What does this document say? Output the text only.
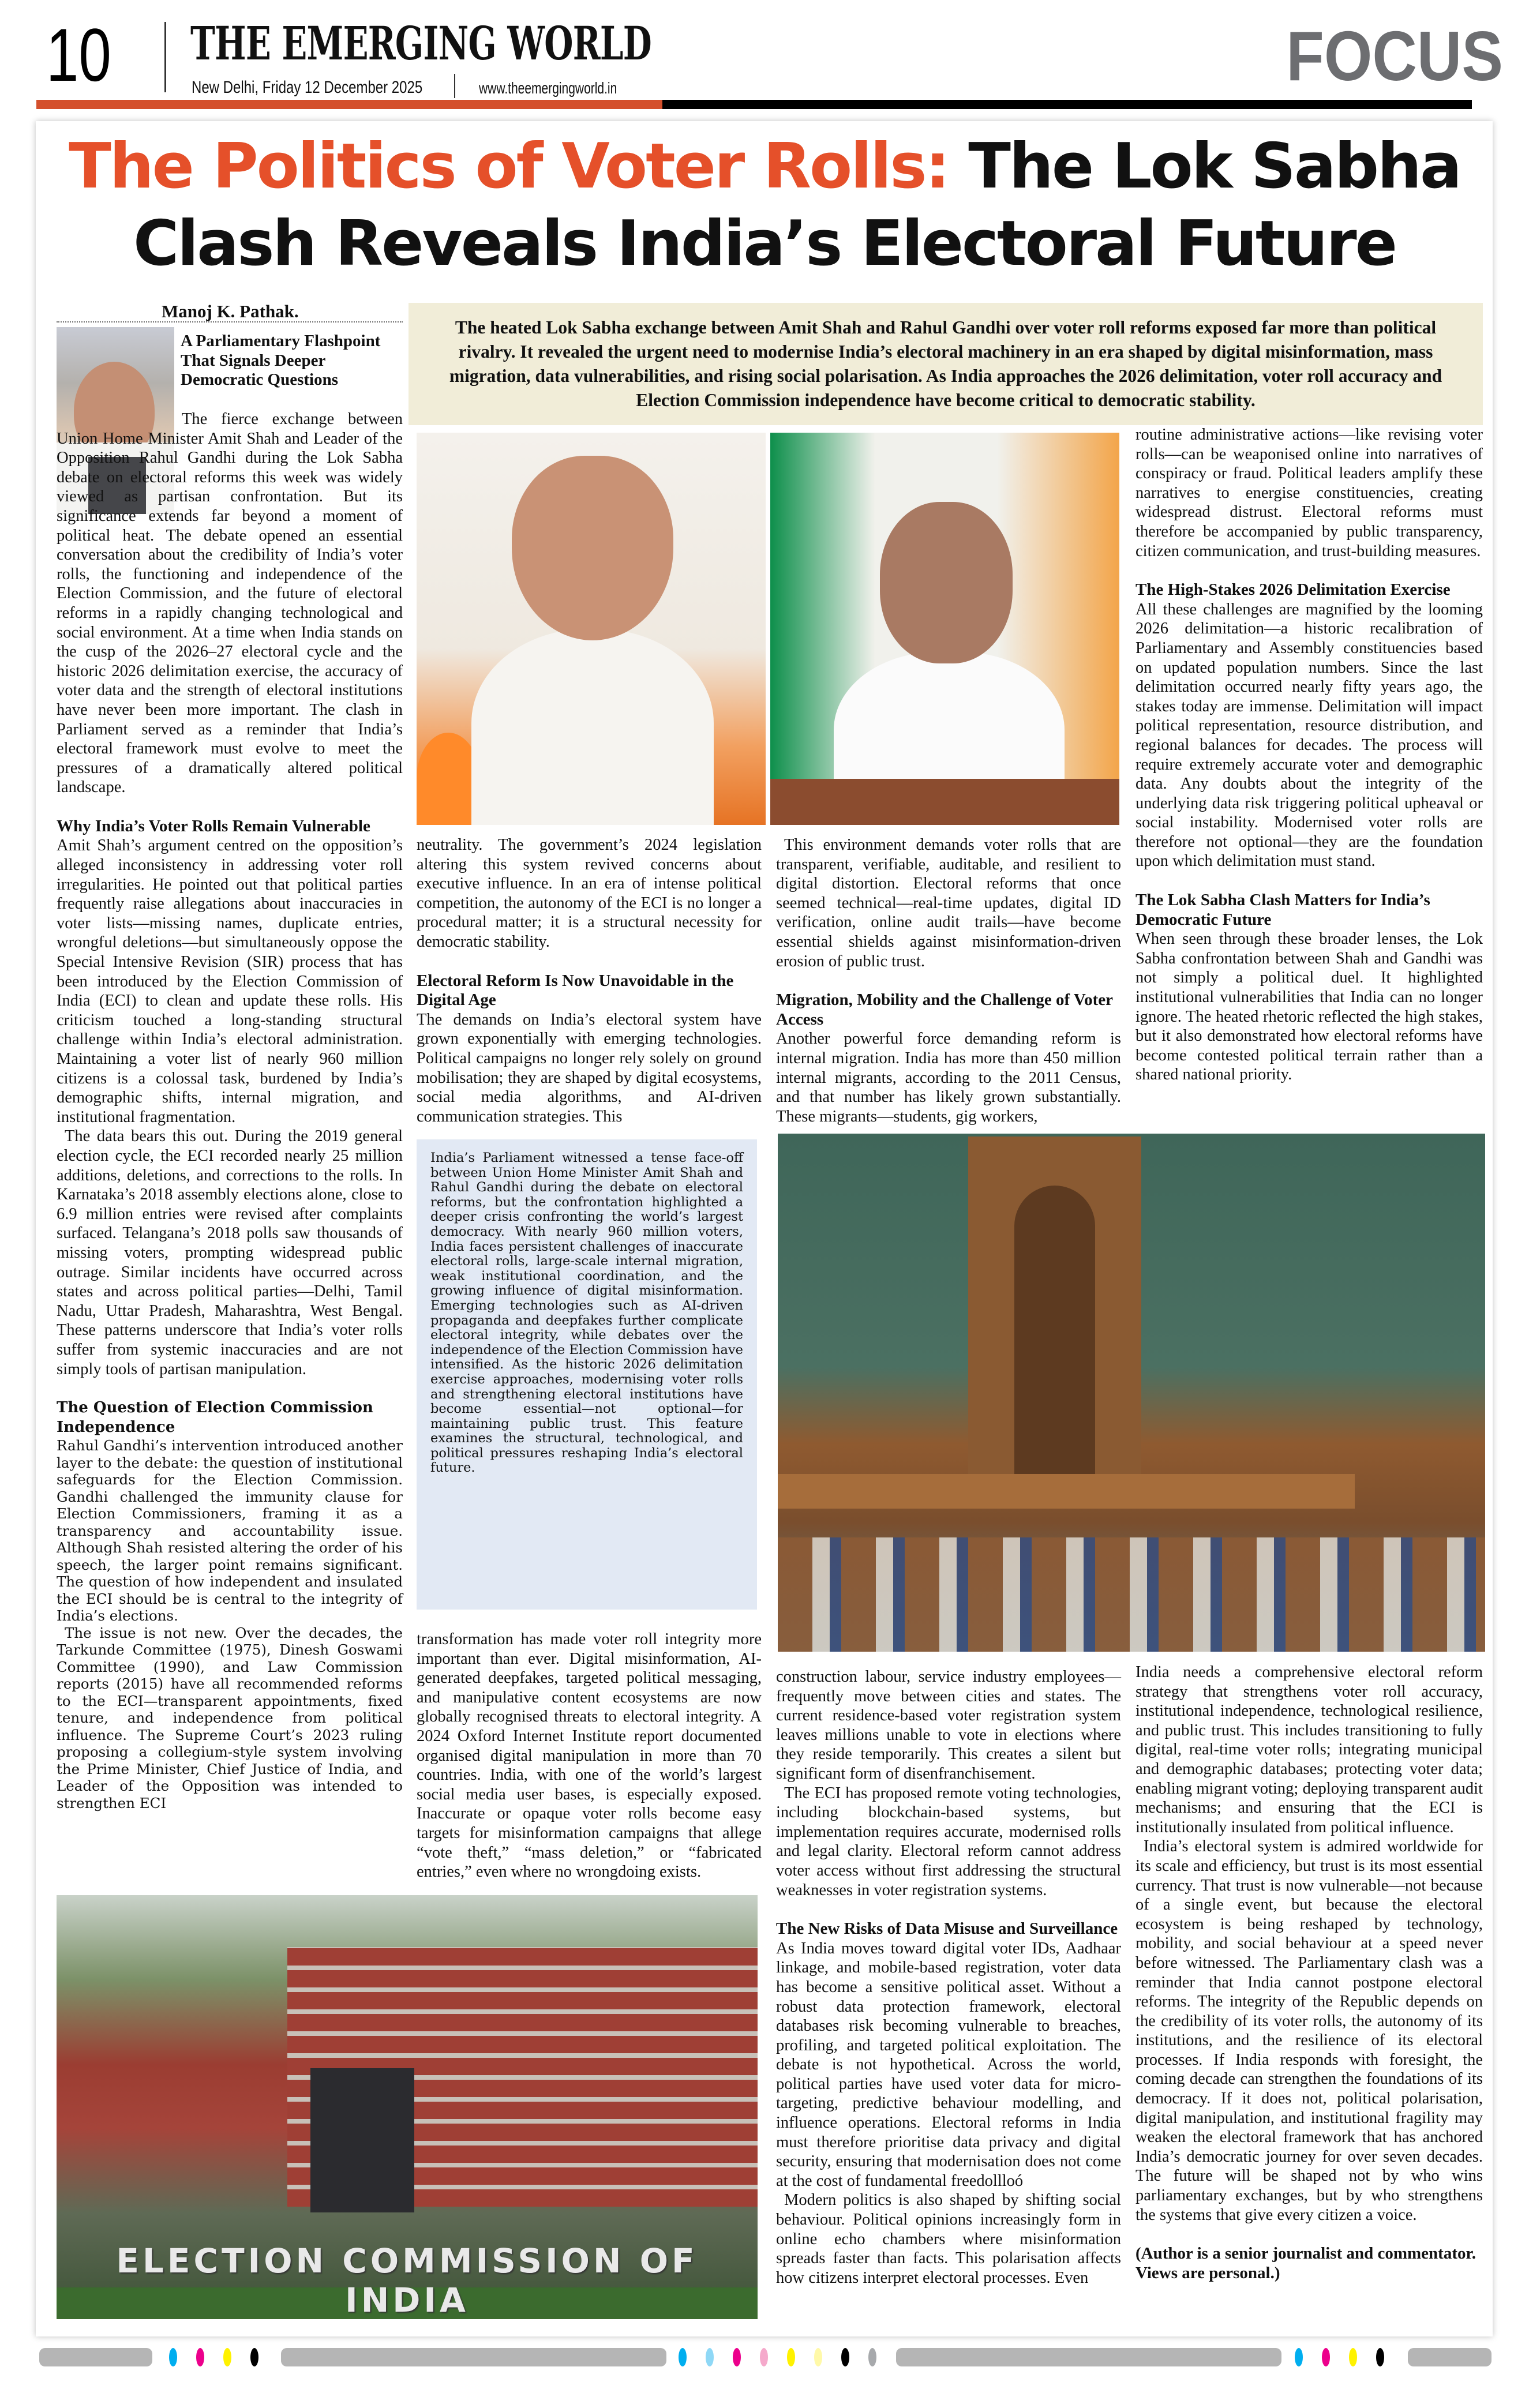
10 THE EMERGING WORLD
New Delhi, Friday 12 December 2025	www.theemergingworld.in	FOCUS
The Politics of Voter Rolls: The Lok Sabha Clash Reveals India’s Electoral Future
Manoj K. Pathak.
A Parliamentary Flashpoint That Signals Deeper Democratic Questions

The fierce exchange between Union Home Minister Amit Shah and Leader of the Opposition Rahul Gandhi during the Lok Sabha debate on electoral reforms this week was widely viewed as partisan confrontation. But its significance extends far beyond a moment of political heat. The debate opened an essential conversation about the credibility of India’s voter rolls, the functioning and independence of the Election Commission, and the future of electoral reforms in a rapidly changing technological and social environment. At a time when India stands on the cusp of the 2026–27 electoral cycle and the historic 2026 delimitation exercise, the accuracy of voter data and the strength of electoral institutions have never been more important. The clash in Parliament served as a reminder that India’s electoral framework must evolve to meet the pressures of a dramatically altered political landscape.

Why India’s Voter Rolls Remain Vulnerable

Amit Shah’s argument centred on the opposition’s alleged inconsistency in addressing voter roll irregularities. He pointed out that political parties frequently raise allegations about inaccuracies in voter lists—missing names, duplicate entries, wrongful deletions—but simultaneously oppose the Special Intensive Revision (SIR) process that has been introduced by the Election Commission of India (ECI) to clean and update these rolls. His criticism touched a long-standing structural challenge within India’s electoral administration. Maintaining a voter list of nearly 960 million citizens is a colossal task, burdened by India’s demographic shifts, internal migration, and institutional fragmentation.

The data bears this out. During the 2019 general election cycle, the ECI recorded nearly 25 million additions, deletions, and corrections to the rolls. In Karnataka’s 2018 assembly elections alone, close to 6.9 million entries were revised after complaints surfaced. Telangana’s 2018 polls saw thousands of missing voters, prompting widespread public outrage. Similar incidents have occurred across states and across political parties—Delhi, Tamil Nadu, Uttar Pradesh, Maharashtra, West Bengal. These patterns underscore that India’s voter rolls suffer from systemic inaccuracies and are not simply tools of partisan manipulation.

The Question of Election Commission Independence

Rahul Gandhi’s intervention introduced another layer to the debate: the question of institutional safeguards for the Election Commission. Gandhi challenged the immunity clause for Election Commissioners, framing it as a transparency and accountability issue. Although Shah resisted altering the order of his speech, the larger point remains significant. The question of how independent and insulated the ECI should be is central to the integrity of India’s elections.

The issue is not new. Over the decades, the Tarkunde Committee (1975), Dinesh Goswami Committee (1990), and Law Commission reports (2015) have all recommended reforms to the ECI—transparent appointments, fixed tenure, and independence from political influence. The Supreme Court’s 2023 ruling proposing a collegium-style system involving the Prime Minister, Chief Justice of India, and Leader of the Opposition was intended to strengthen ECI

The heated Lok Sabha exchange between Amit Shah and Rahul Gandhi over voter roll reforms exposed far more than political rivalry. It revealed the urgent need to modernise India’s electoral machinery in an era shaped by digital misinformation, mass migration, data vulnerabilities, and rising social polarisation. As India approaches the 2026 delimitation, voter roll accuracy and Election Commission independence have become critical to democratic stability.

neutrality. The government’s 2024 legislation altering this system revived concerns about executive influence. In an era of intense political competition, the autonomy of the ECI is no longer a procedural matter; it is a structural necessity for democratic stability.

Electoral Reform Is Now Unavoidable in the Digital Age

The demands on India’s electoral system have grown exponentially with emerging technologies. Political campaigns no longer rely solely on ground mobilisation; they are shaped by digital ecosystems, social media algorithms, and AI-driven communication strategies. This

India’s Parliament witnessed a tense face-off between Union Home Minister Amit Shah and Rahul Gandhi during the debate on electoral reforms, but the confrontation highlighted a deeper crisis confronting the world’s largest democracy. With nearly 960 million voters, India faces persistent challenges of inaccurate electoral rolls, large-scale internal migration, weak institutional coordination, and the growing influence of digital misinformation. Emerging technologies such as AI-driven propaganda and deepfakes further complicate electoral integrity, while debates over the independence of the Election Commission have intensified. As the historic 2026 delimitation exercise approaches, modernising voter rolls and strengthening electoral institutions have become essential—not optional—for maintaining public trust. This feature examines the structural, technological, and political pressures reshaping India’s electoral future.

transformation has made voter roll integrity more important than ever. Digital misinformation, AI-generated deepfakes, targeted political messaging, and manipulative content ecosystems are now globally recognised threats to electoral integrity. A 2024 Oxford Internet Institute report documented organised digital manipulation in more than 70 countries. India, with one of the world’s largest social media user bases, is especially exposed. Inaccurate or opaque voter rolls become easy targets for misinformation campaigns that allege “vote theft,” “mass deletion,” or “fabricated entries,” even where no wrongdoing exists.

This environment demands voter rolls that are transparent, verifiable, auditable, and resilient to digital distortion. Electoral reforms that once seemed technical—real-time updates, digital ID verification, online audit trails—have become essential shields against misinformation-driven erosion of public trust.

Migration, Mobility and the Challenge of Voter Access

Another powerful force demanding reform is internal migration. India has more than 450 million internal migrants, according to the 2011 Census, and that number has likely grown substantially. These migrants—students, gig workers,

routine administrative actions—like revising voter rolls—can be weaponised online into narratives of conspiracy or fraud. Political leaders amplify these narratives to energise constituencies, creating widespread distrust. Electoral reforms must therefore be accompanied by public transparency, citizen communication, and trust-building measures.

The High-Stakes 2026 Delimitation Exercise

All these challenges are magnified by the looming 2026 delimitation—a historic recalibration of Parliamentary and Assembly constituencies based on updated population numbers. Since the last delimitation occurred nearly fifty years ago, the stakes today are immense. Delimitation will impact political representation, resource distribution, and regional balances for decades. The process will require extremely accurate voter and demographic data. Any doubts about the integrity of the underlying data risk triggering political upheaval or social instability. Modernised voter rolls are therefore not optional—they are the foundation upon which delimitation must stand.

The Lok Sabha Clash Matters for India’s Democratic Future

When seen through these broader lenses, the Lok Sabha confrontation between Shah and Gandhi was not simply a political duel. It highlighted institutional vulnerabilities that India can no longer ignore. The heated rhetoric reflected the high stakes, but it also demonstrated how electoral reforms have become contested political terrain rather than a shared national priority.

construction labour, service industry employees—frequently move between cities and states. The current residence-based voter registration system leaves millions unable to vote in elections where they reside temporarily. This creates a silent but significant form of disenfranchisement.

The ECI has proposed remote voting technologies, including blockchain-based systems, but implementation requires accurate, modernised rolls and legal clarity. Electoral reform cannot address voter access without first addressing the structural weaknesses in voter registration systems.

The New Risks of Data Misuse and Surveillance

As India moves toward digital voter IDs, Aadhaar linkage, and mobile-based registration, voter data has become a sensitive political asset. Without a robust data protection framework, electoral databases risk becoming vulnerable to breaches, profiling, and targeted political exploitation. The debate is not hypothetical. Across the world, political parties have used voter data for micro-targeting, predictive behaviour modelling, and influence operations. Electoral reforms in India must therefore prioritise data privacy and digital security, ensuring that modernisation does not come at the cost of fundamental freedollloó

Modern politics is also shaped by shifting social behaviour. Political opinions increasingly form in online echo chambers where misinformation spreads faster than facts. This polarisation affects how citizens interpret electoral processes. Even

India needs a comprehensive electoral reform strategy that strengthens voter roll accuracy, institutional independence, technological resilience, and public trust. This includes transitioning to fully digital, real-time voter rolls; integrating municipal and demographic databases; protecting voter data; enabling migrant voting; deploying transparent audit mechanisms; and ensuring that the ECI is institutionally insulated from political influence.

India’s electoral system is admired worldwide for its scale and efficiency, but trust is its most essential currency. That trust is now vulnerable—not because of a single event, but because the electoral ecosystem is being reshaped by technology, mobility, and social behaviour at a speed never before witnessed. The Parliamentary clash was a reminder that India cannot postpone electoral reforms. The integrity of the Republic depends on the credibility of its voter rolls, the autonomy of its institutions, and the resilience of its electoral processes. If India responds with foresight, the coming decade can strengthen the foundations of its democracy. If it does not, political polarisation, digital manipulation, and institutional fragility may weaken the electoral framework that has anchored India’s democratic journey for over seven decades. The future will be shaped not by who wins parliamentary exchanges, but by who strengthens the systems that give every citizen a voice.

(Author is a senior journalist and commentator. Views are personal.)
ELECTION COMMISSION OF INDIA
